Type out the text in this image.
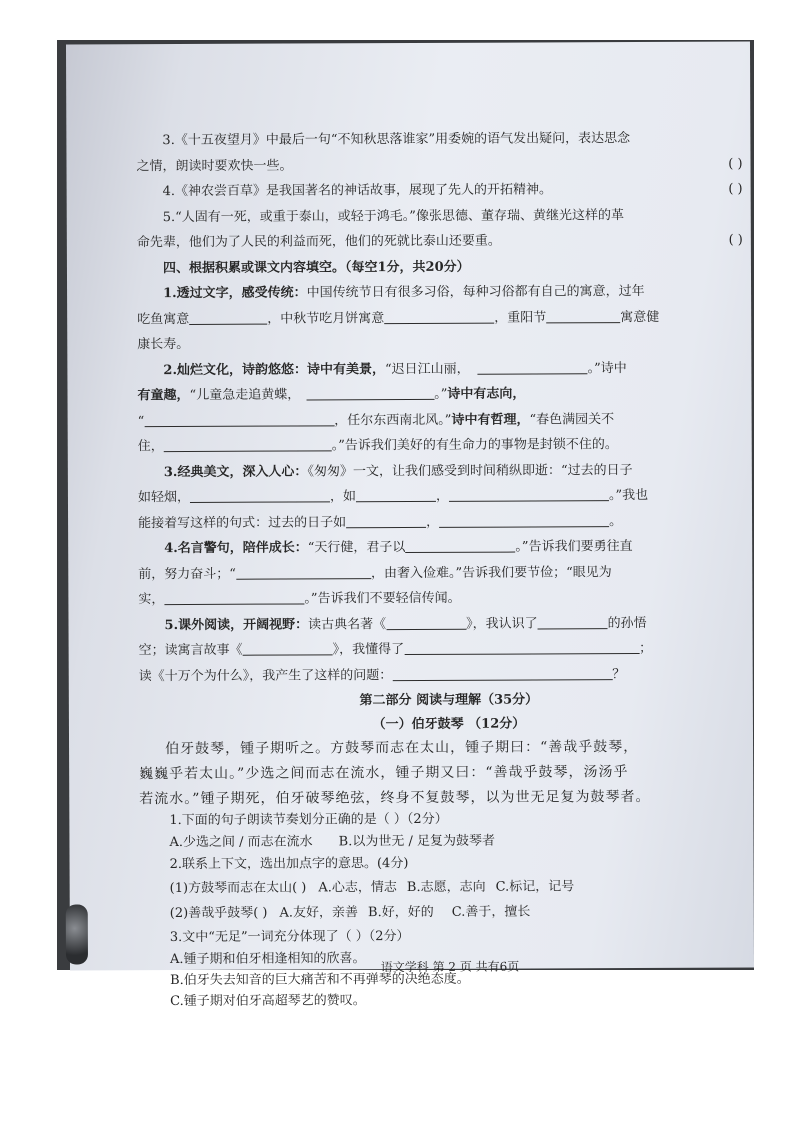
3.《十五夜望月》中最后一句“不知秋思落谁家”用委婉的语气发出疑问，表达思念
之情，朗读时要欢快一些。	( )
4.《神农尝百草》是我国著名的神话故事，展现了先人的开拓精神。	( )
5.“人固有一死，或重于泰山，或轻于鸿毛。”像张思德、董存瑞、黄继光这样的革
命先辈，他们为了人民的利益而死，他们的死就比泰山还要重。	( )
四、根据积累或课文内容填空。（每空1分，共20分）
1.透过文字，感受传统：中国传统节日有很多习俗，每种习俗都有自己的寓意，过年
吃鱼寓意	，中秋节吃月饼寓意	，重阳节	寓意健
康长寿。
2.灿烂文化，诗韵悠悠：诗中有美景，“迟日江山丽，	。”诗中
有童趣，“儿童急走追黄蝶，	。”诗中有志向，
“	，任尔东西南北风。”诗中有哲理，“春色满园关不
住，	。”告诉我们美好的有生命力的事物是封锁不住的。
3.经典美文，深入人心：《匆匆》一文，让我们感受到时间稍纵即逝：“过去的日子
如轻烟，	，如	，	。”我也
能接着写这样的句式：过去的日子如	，	。
4.名言警句，陪伴成长：“天行健，君子以	。”告诉我们要勇往直
前，努力奋斗；“	，由奢入俭难。”告诉我们要节俭；“眼见为
实，	。”告诉我们不要轻信传闻。
5.课外阅读，开阔视野：读古典名著《	》，我认识了	的孙悟
空；读寓言故事《	》，我懂得了	；
读《十万个为什么》，我产生了这样的问题：	？
第二部分 阅读与理解（35分）
（一）伯牙鼓琴 （12分）
伯牙鼓琴，锺子期听之。方鼓琴而志在太山，锺子期曰：“善哉乎鼓琴，
巍巍乎若太山。”少选之间而志在流水，锺子期又曰：“善哉乎鼓琴，汤汤乎
若流水。”锺子期死，伯牙破琴绝弦，终身不复鼓琴，以为世无足复为鼓琴者。
1.下面的句子朗读节奏划分正确的是（ ）（2分）
A.少选之间 / 而志在流水 B.以为世无 / 足复为鼓琴者
2.联系上下文，选出加点字的意思。(4分)
(1)方鼓琴而志在太山( ) A.心志，情志 B.志愿，志向 C.标记，记号
(2)善哉乎鼓琴( ) A.友好，亲善 B.好，好的 C.善于，擅长
3.文中“无足”一词充分体现了（ ）（2分）
A.锺子期和伯牙相逢相知的欣喜。
B.伯牙失去知音的巨大痛苦和不再弹琴的决绝态度。
C.锺子期对伯牙高超琴艺的赞叹。
语文学科 第 2 页 共有6页
